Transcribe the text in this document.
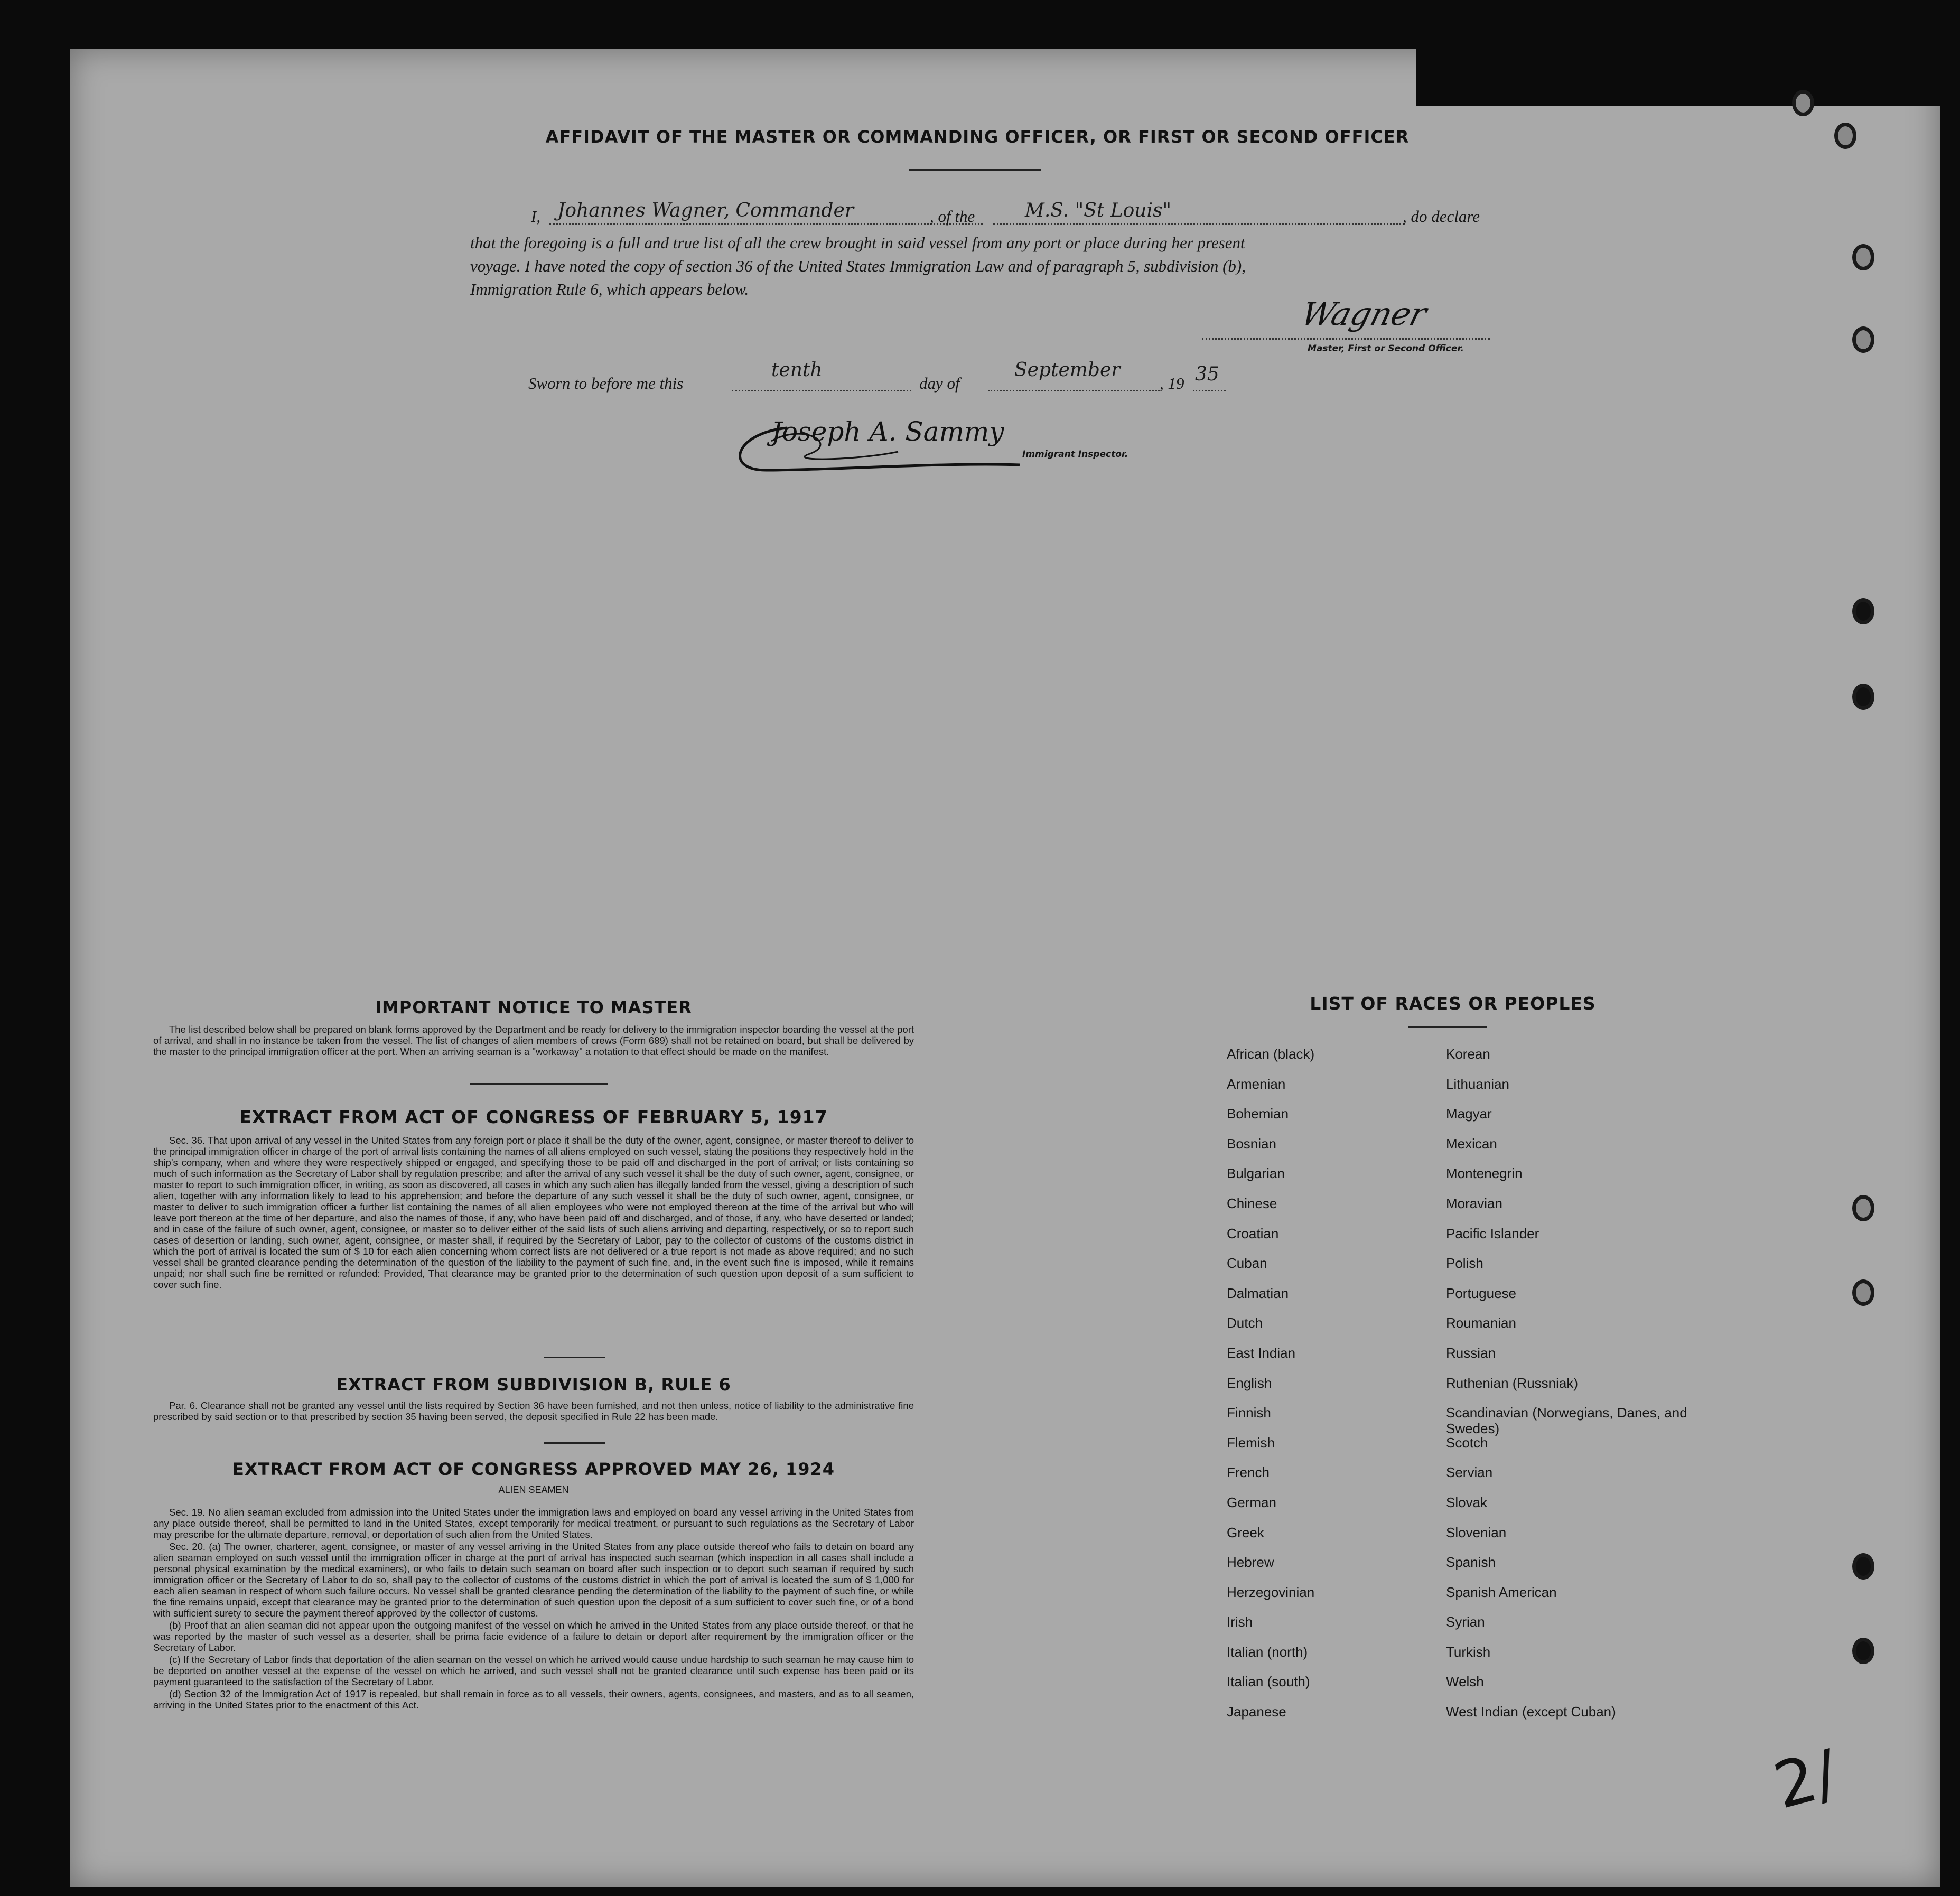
AFFIDAVIT OF THE MASTER OR COMMANDING OFFICER, OR FIRST OR SECOND OFFICER
I, Johannes Wagner, Commander	, of the	M.S. "St Louis"	, do declare
that the foregoing is a full and true list of all the crew brought in said vessel from any port or place during her present
voyage. I have noted the copy of section 36 of the United States Immigration Law and of paragraph 5, subdivision (b),
Immigration Rule 6, which appears below.
Wagner
Master, First or Second Officer.
Sworn to before me this
tenth
day of
September
, 19 35
Joseph A. Sammy
Immigrant Inspector.
IMPORTANT NOTICE TO MASTER

The list described below shall be prepared on blank forms approved by the Department and be ready for delivery to the immigration inspector boarding the vessel at the port of arrival, and shall in no instance be taken from the vessel. The list of changes of alien members of crews (Form 689) shall not be retained on board, but shall be delivered by the master to the principal immigration officer at the port. When an arriving seaman is a "workaway" a notation to that effect should be made on the manifest.

EXTRACT FROM ACT OF CONGRESS OF FEBRUARY 5, 1917

Sec. 36. That upon arrival of any vessel in the United States from any foreign port or place it shall be the duty of the owner, agent, consignee, or master thereof to deliver to the principal immigration officer in charge of the port of arrival lists containing the names of all aliens employed on such vessel, stating the positions they respectively hold in the ship's company, when and where they were respectively shipped or engaged, and specifying those to be paid off and discharged in the port of arrival; or lists containing so much of such information as the Secretary of Labor shall by regulation prescribe; and after the arrival of any such vessel it shall be the duty of such owner, agent, consignee, or master to report to such immigration officer, in writing, as soon as discovered, all cases in which any such alien has illegally landed from the vessel, giving a description of such alien, together with any information likely to lead to his apprehension; and before the departure of any such vessel it shall be the duty of such owner, agent, consignee, or master to deliver to such immigration officer a further list containing the names of all alien employees who were not employed thereon at the time of the arrival but who will leave port thereon at the time of her departure, and also the names of those, if any, who have been paid off and discharged, and of those, if any, who have deserted or landed; and in case of the failure of such owner, agent, consignee, or master so to deliver either of the said lists of such aliens arriving and departing, respectively, or so to report such cases of desertion or landing, such owner, agent, consignee, or master shall, if required by the Secretary of Labor, pay to the collector of customs of the customs district in which the port of arrival is located the sum of $ 10 for each alien concerning whom correct lists are not delivered or a true report is not made as above required; and no such vessel shall be granted clearance pending the determination of the question of the liability to the payment of such fine, and, in the event such fine is imposed, while it remains unpaid; nor shall such fine be remitted or refunded: Provided, That clearance may be granted prior to the determination of such question upon deposit of a sum sufficient to cover such fine.

EXTRACT FROM SUBDIVISION B, RULE 6

Par. 6. Clearance shall not be granted any vessel until the lists required by Section 36 have been furnished, and not then unless, notice of liability to the administrative fine prescribed by said section or to that prescribed by section 35 having been served, the deposit specified in Rule 22 has been made.

EXTRACT FROM ACT OF CONGRESS APPROVED MAY 26, 1924
ALIEN SEAMEN

Sec. 19. No alien seaman excluded from admission into the United States under the immigration laws and employed on board any vessel arriving in the United States from any place outside thereof, shall be permitted to land in the United States, except temporarily for medical treatment, or pursuant to such regulations as the Secretary of Labor may prescribe for the ultimate departure, removal, or deportation of such alien from the United States.

Sec. 20. (a) The owner, charterer, agent, consignee, or master of any vessel arriving in the United States from any place outside thereof who fails to detain on board any alien seaman employed on such vessel until the immigration officer in charge at the port of arrival has inspected such seaman (which inspection in all cases shall include a personal physical examination by the medical examiners), or who fails to detain such seaman on board after such inspection or to deport such seaman if required by such immigration officer or the Secretary of Labor to do so, shall pay to the collector of customs of the customs district in which the port of arrival is located the sum of $ 1,000 for each alien seaman in respect of whom such failure occurs. No vessel shall be granted clearance pending the determination of the liability to the payment of such fine, or while the fine remains unpaid, except that clearance may be granted prior to the determination of such question upon the deposit of a sum sufficient to cover such fine, or of a bond with sufficient surety to secure the payment thereof approved by the collector of customs.

(b) Proof that an alien seaman did not appear upon the outgoing manifest of the vessel on which he arrived in the United States from any place outside thereof, or that he was reported by the master of such vessel as a deserter, shall be prima facie evidence of a failure to detain or deport after requirement by the immigration officer or the Secretary of Labor.

(c) If the Secretary of Labor finds that deportation of the alien seaman on the vessel on which he arrived would cause undue hardship to such seaman he may cause him to be deported on another vessel at the expense of the vessel on which he arrived, and such vessel shall not be granted clearance until such expense has been paid or its payment guaranteed to the satisfaction of the Secretary of Labor.

(d) Section 32 of the Immigration Act of 1917 is repealed, but shall remain in force as to all vessels, their owners, agents, consignees, and masters, and as to all seamen, arriving in the United States prior to the enactment of this Act.

LIST OF RACES OR PEOPLES
African (black)
Armenian
Bohemian
Bosnian
Bulgarian
Chinese
Croatian
Cuban
Dalmatian
Dutch
East Indian
English
Finnish
Flemish
French
German
Greek
Hebrew
Herzegovinian
Irish
Italian (north)
Italian (south)
Japanese
Korean
Lithuanian
Magyar
Mexican
Montenegrin
Moravian
Pacific Islander
Polish
Portuguese
Roumanian
Russian
Ruthenian (Russniak)
Scandinavian (Norwegians, Danes, and Swedes)
Scotch
Servian
Slovak
Slovenian
Spanish
Spanish American
Syrian
Turkish
Welsh
West Indian (except Cuban)
2/
